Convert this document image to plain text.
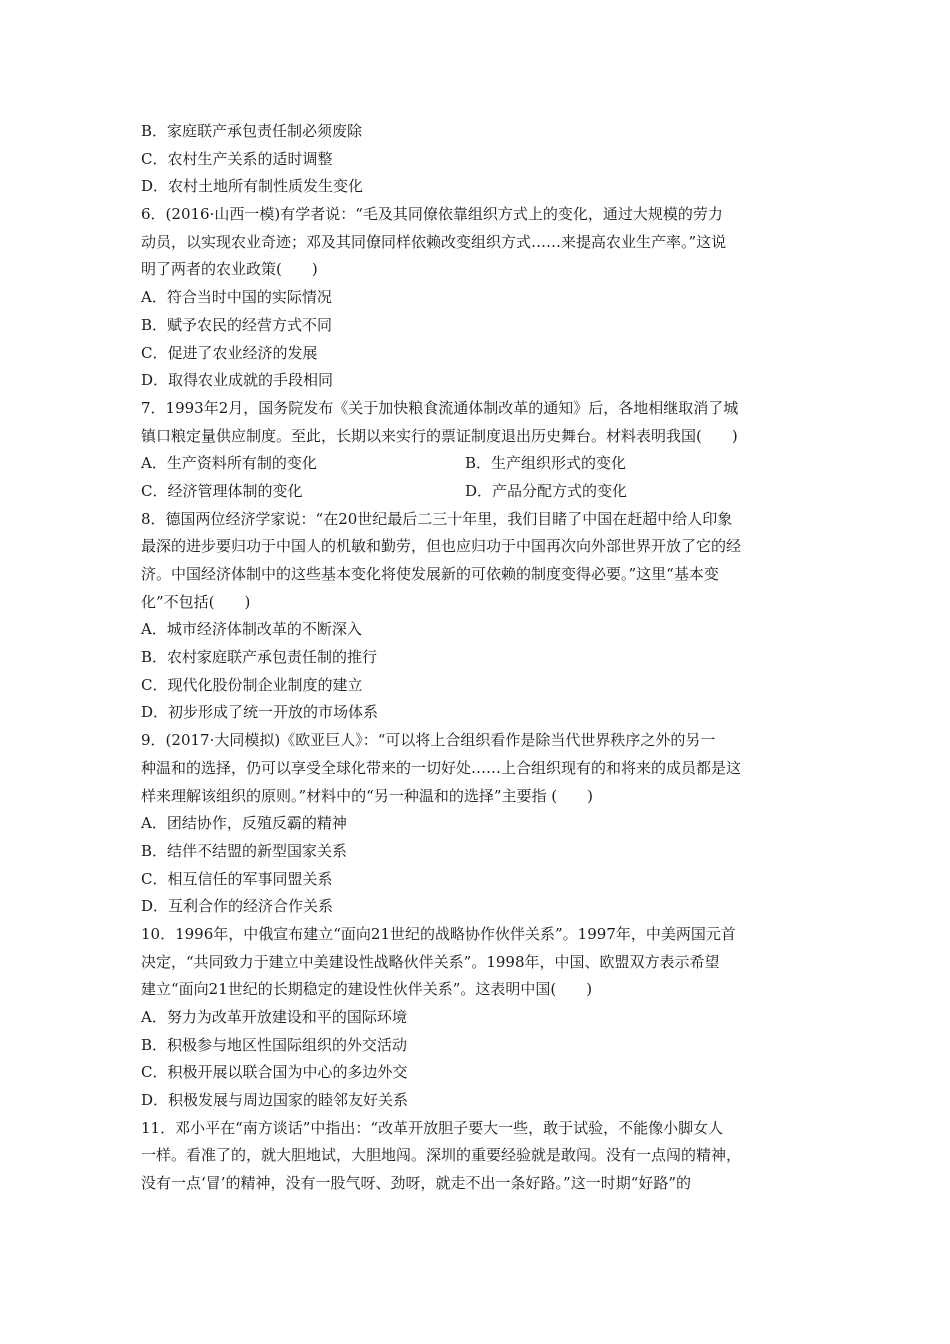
B．家庭联产承包责任制必须废除
C．农村生产关系的适时调整
D．农村土地所有制性质发生变化
6．(2016·山西一模)有学者说：“毛及其同僚依靠组织方式上的变化，通过大规模的劳力
动员，以实现农业奇迹；邓及其同僚同样依赖改变组织方式……来提高农业生产率。”这说
明了两者的农业政策(　　)
A．符合当时中国的实际情况
B．赋予农民的经营方式不同
C．促进了农业经济的发展
D．取得农业成就的手段相同
7．1993年2月，国务院发布《关于加快粮食流通体制改革的通知》后，各地相继取消了城
镇口粮定量供应制度。至此，长期以来实行的票证制度退出历史舞台。材料表明我国(　　)
A．生产资料所有制的变化	B．生产组织形式的变化
C．经济管理体制的变化	D．产品分配方式的变化
8．德国两位经济学家说：“在20世纪最后二三十年里，我们目睹了中国在赶超中给人印象
最深的进步要归功于中国人的机敏和勤劳，但也应归功于中国再次向外部世界开放了它的经
济。中国经济体制中的这些基本变化将使发展新的可依赖的制度变得必要。”这里“基本变
化”不包括(　　)
A．城市经济体制改革的不断深入
B．农村家庭联产承包责任制的推行
C．现代化股份制企业制度的建立
D．初步形成了统一开放的市场体系
9．(2017·大同模拟)《欧亚巨人》：“可以将上合组织看作是除当代世界秩序之外的另一
种温和的选择，仍可以享受全球化带来的一切好处……上合组织现有的和将来的成员都是这
样来理解该组织的原则。”材料中的“另一种温和的选择”主要指 (　　)
A．团结协作，反殖反霸的精神
B．结伴不结盟的新型国家关系
C．相互信任的军事同盟关系
D．互利合作的经济合作关系
10．1996年，中俄宣布建立“面向21世纪的战略协作伙伴关系”。1997年，中美两国元首
决定，“共同致力于建立中美建设性战略伙伴关系”。1998年，中国、欧盟双方表示希望
建立“面向21世纪的长期稳定的建设性伙伴关系”。这表明中国(　　)
A．努力为改革开放建设和平的国际环境
B．积极参与地区性国际组织的外交活动
C．积极开展以联合国为中心的多边外交
D．积极发展与周边国家的睦邻友好关系
11．邓小平在“南方谈话”中指出：“改革开放胆子要大一些，敢于试验，不能像小脚女人
一样。看准了的，就大胆地试，大胆地闯。深圳的重要经验就是敢闯。没有一点闯的精神，
没有一点‘冒’的精神，没有一股气呀、劲呀，就走不出一条好路。”这一时期“好路”的
